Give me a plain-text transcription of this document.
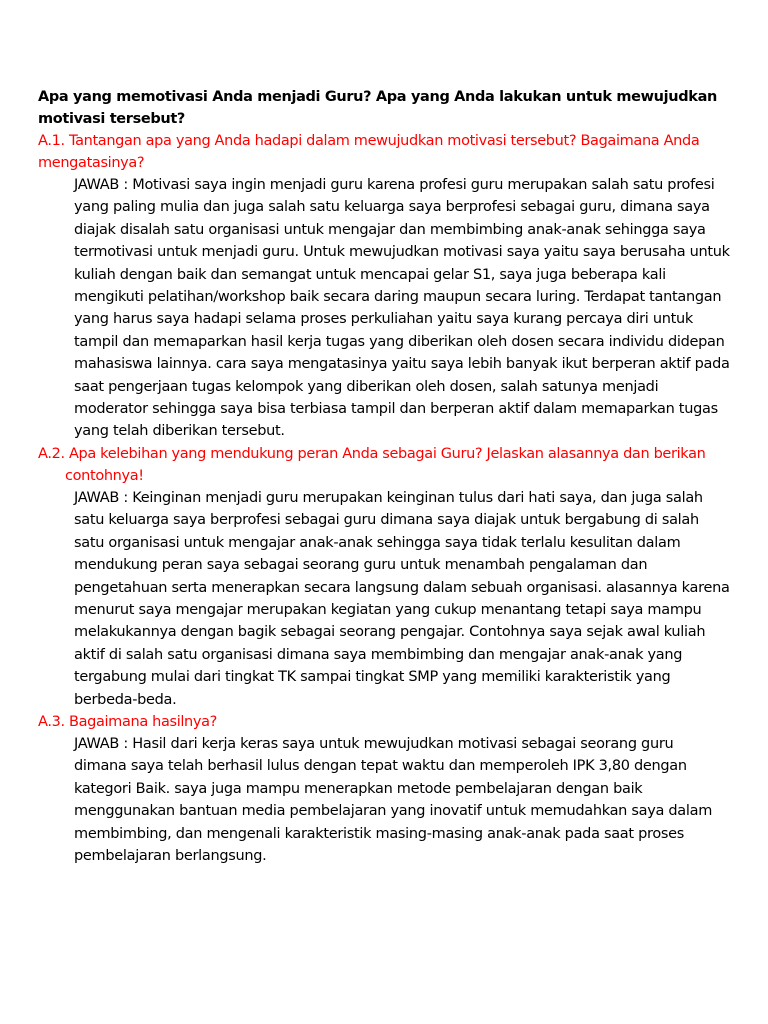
Apa yang memotivasi Anda menjadi Guru? Apa yang Anda lakukan untuk mewujudkan motivasi tersebut?

A.1. Tantangan apa yang Anda hadapi dalam mewujudkan motivasi tersebut? Bagaimana Anda
mengatasinya?

JAWAB : Motivasi saya ingin menjadi guru karena profesi guru merupakan salah satu profesi yang paling mulia dan juga salah satu keluarga saya berprofesi sebagai guru, dimana saya diajak disalah satu organisasi untuk mengajar dan membimbing anak-anak sehingga saya termotivasi untuk menjadi guru. Untuk mewujudkan motivasi saya yaitu saya berusaha untuk kuliah dengan baik dan semangat untuk mencapai gelar S1, saya juga beberapa kali mengikuti pelatihan/workshop baik secara daring maupun secara luring. Terdapat tantangan yang harus saya hadapi selama proses perkuliahan yaitu saya kurang percaya diri untuk tampil dan memaparkan hasil kerja tugas yang diberikan oleh dosen secara individu didepan mahasiswa lainnya. cara saya mengatasinya yaitu saya lebih banyak ikut berperan aktif pada saat pengerjaan tugas kelompok yang diberikan oleh dosen, salah satunya menjadi moderator sehingga saya bisa terbiasa tampil dan berperan aktif dalam memaparkan tugas yang telah diberikan tersebut.

A.2. Apa kelebihan yang mendukung peran Anda sebagai Guru? Jelaskan alasannya dan berikan
contohnya!

JAWAB : Keinginan menjadi guru merupakan keinginan tulus dari hati saya, dan juga salah satu keluarga saya berprofesi sebagai guru dimana saya diajak untuk bergabung di salah satu organisasi untuk mengajar anak-anak sehingga saya tidak terlalu kesulitan dalam mendukung peran saya sebagai seorang guru untuk menambah pengalaman dan pengetahuan serta menerapkan secara langsung dalam sebuah organisasi. alasannya karena menurut saya mengajar merupakan kegiatan yang cukup menantang tetapi saya mampu melakukannya dengan bagik sebagai seorang pengajar. Contohnya saya sejak awal kuliah aktif di salah satu organisasi dimana saya membimbing dan mengajar anak-anak yang tergabung mulai dari tingkat TK sampai tingkat SMP yang memiliki karakteristik yang berbeda-beda.

A.3. Bagaimana hasilnya?

JAWAB : Hasil dari kerja keras saya untuk mewujudkan motivasi sebagai seorang guru dimana saya telah berhasil lulus dengan tepat waktu dan memperoleh IPK 3,80 dengan kategori Baik. saya juga mampu menerapkan metode pembelajaran dengan baik menggunakan bantuan media pembelajaran yang inovatif untuk memudahkan saya dalam membimbing, dan mengenali karakteristik masing-masing anak-anak pada saat proses pembelajaran berlangsung.
